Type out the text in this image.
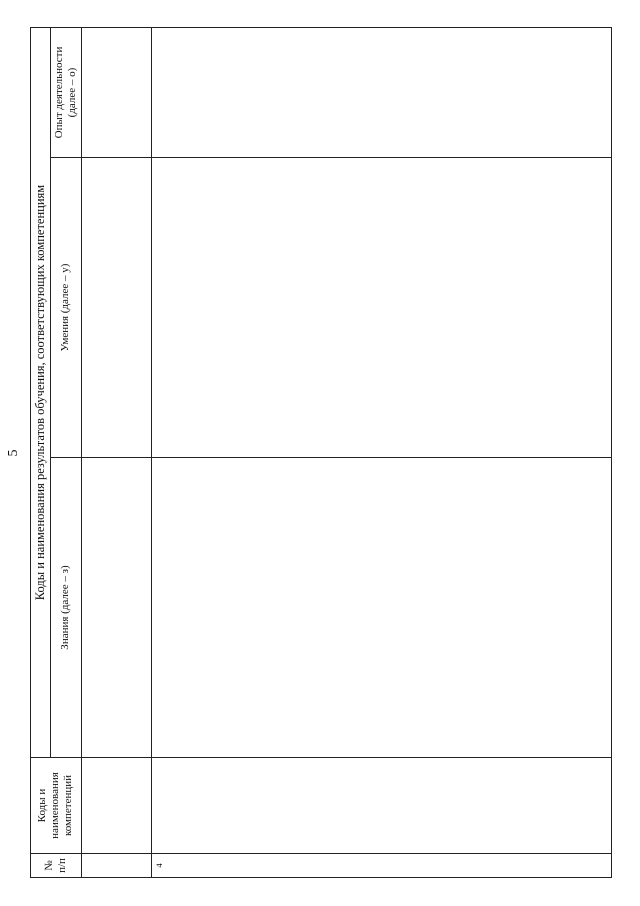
5
№ п/п	Коды и наименования компетенций	Коды и наименования результатов обучения, соответствующих компетенциям		
		Знания (далее – з)	Умения (далее – у)	Опыт деятельности (далее – о)

4				
